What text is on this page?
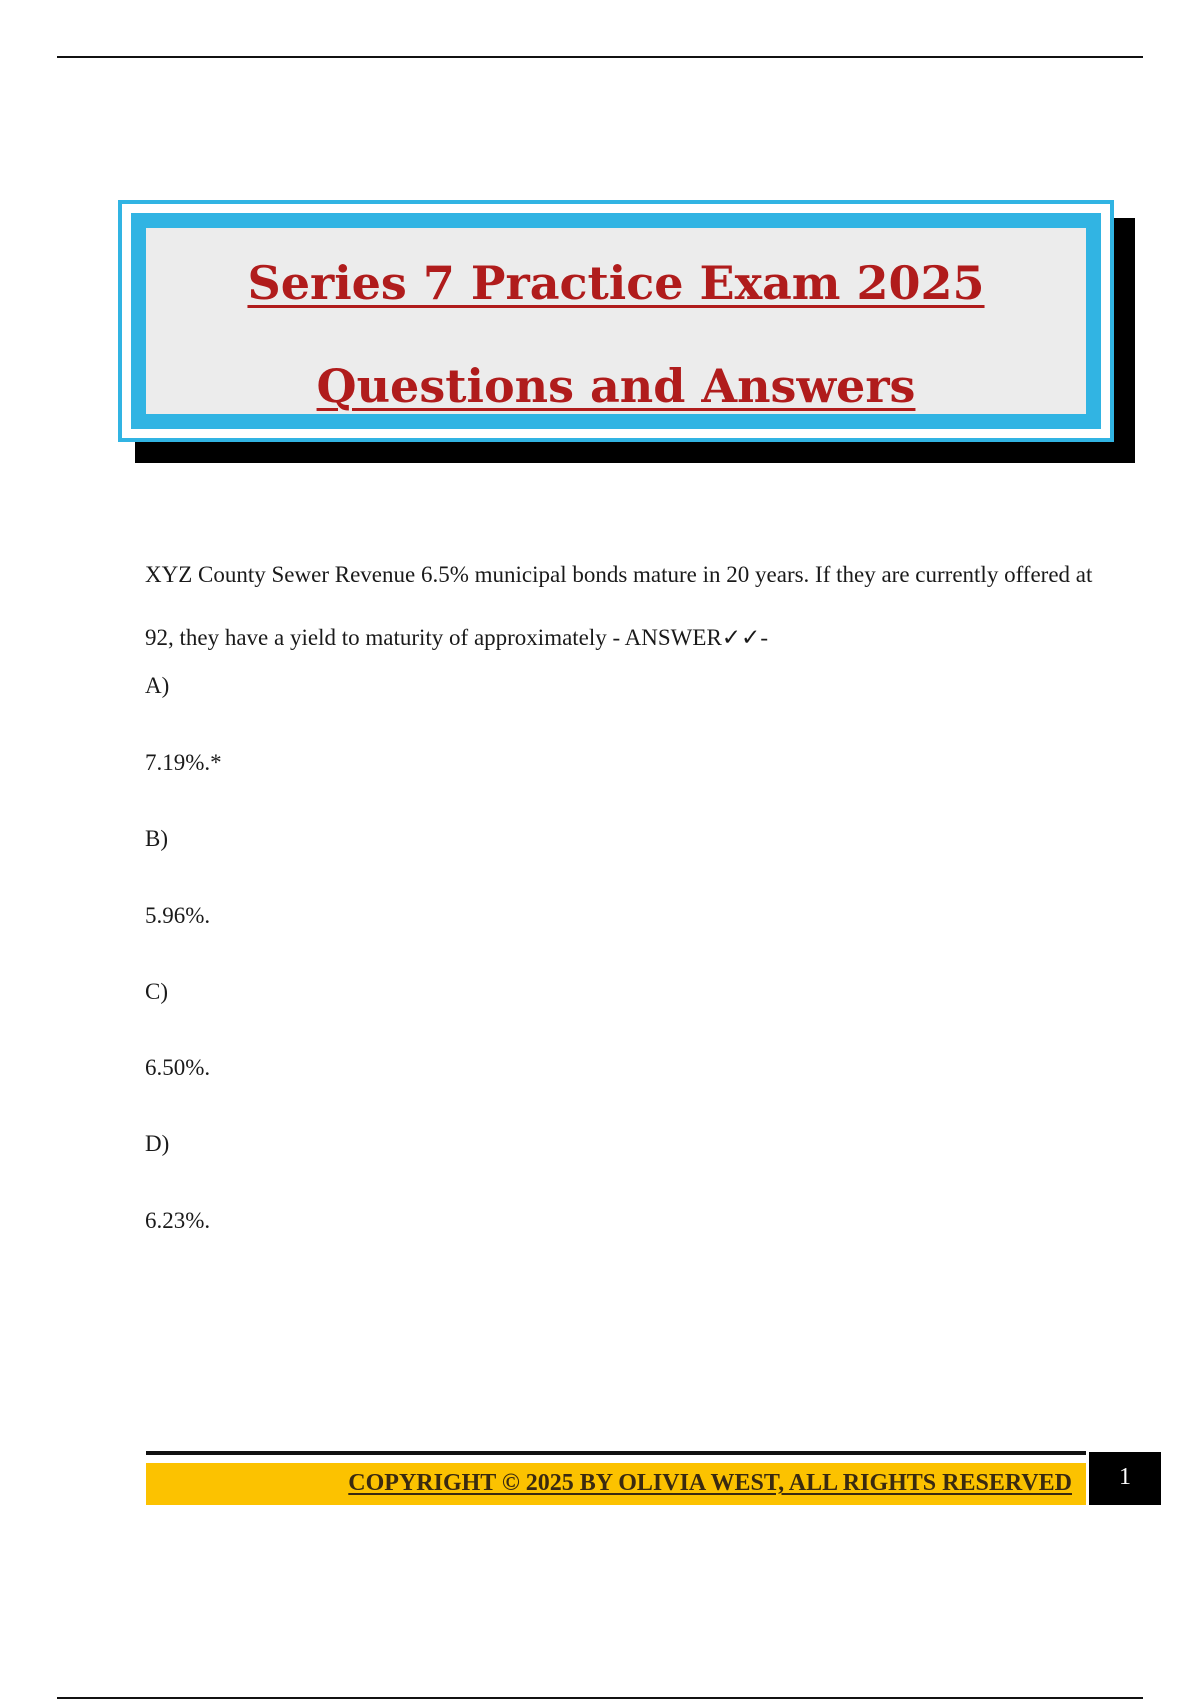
Series 7 Practice Exam 2025
Questions and Answers
XYZ County Sewer Revenue 6.5% municipal bonds mature in 20 years. If they are currently offered at 92, they have a yield to maturity of approximately - ANSWER✓✓-
A)
7.19%.*
B)
5.96%.
C)
6.50%.
D)
6.23%.
COPYRIGHT © 2025 BY OLIVIA WEST, ALL RIGHTS RESERVED	1
